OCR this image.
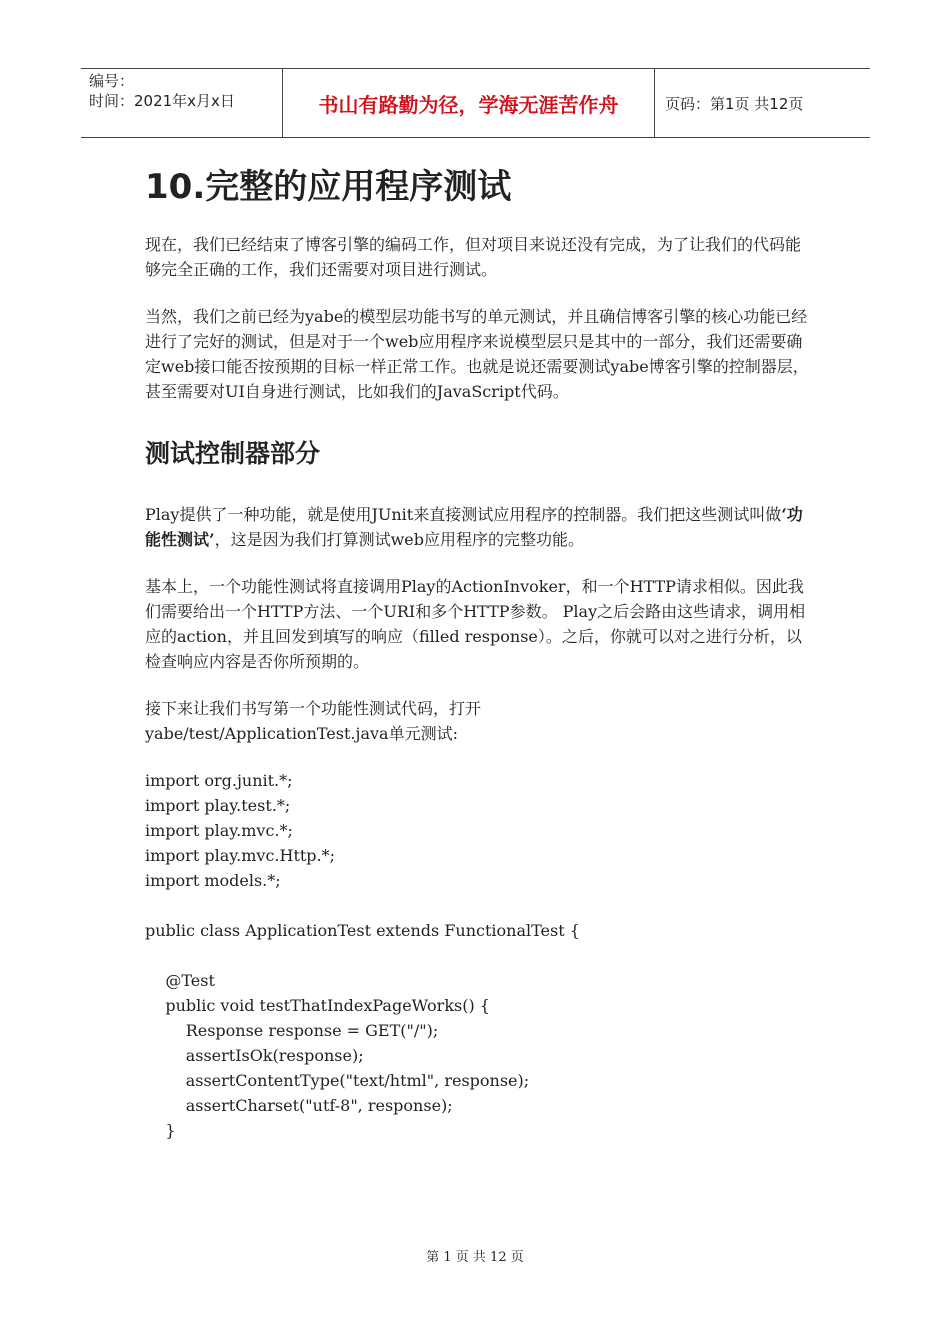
编号：
时间：2021年x月x日	书山有路勤为径，学海无涯苦作舟	页码：第1页 共12页
10.完整的应用程序测试

现在，我们已经结束了博客引擎的编码工作，但对项目来说还没有完成，为了让我们的代码能够完全正确的工作，我们还需要对项目进行测试。

当然，我们之前已经为yabe的模型层功能书写的单元测试，并且确信博客引擎的核心功能已经进行了完好的测试，但是对于一个web应用程序来说模型层只是其中的一部分，我们还需要确定web接口能否按预期的目标一样正常工作。也就是说还需要测试yabe博客引擎的控制器层，甚至需要对UI自身进行测试，比如我们的JavaScript代码。

测试控制器部分

Play提供了一种功能，就是使用JUnit来直接测试应用程序的控制器。我们把这些测试叫做‘功能性测试’，这是因为我们打算测试web应用程序的完整功能。

基本上，一个功能性测试将直接调用Play的ActionInvoker，和一个HTTP请求相似。因此我们需要给出一个HTTP方法、一个URI和多个HTTP参数。 Play之后会路由这些请求，调用相应的action，并且回发到填写的响应（filled response）。之后，你就可以对之进行分析，以检查响应内容是否你所预期的。

接下来让我们书写第一个功能性测试代码，打开
yabe/test/ApplicationTest.java单元测试:

import org.junit.*;
import play.test.*;
import play.mvc.*;
import play.mvc.Http.*;
import models.*;
public class ApplicationTest extends FunctionalTest {

@Test
public void testThatIndexPageWorks() {
Response response = GET("/");
assertIsOk(response);
assertContentType("text/html", response);
assertCharset("utf-8", response);
}
第 1 页 共 12 页
